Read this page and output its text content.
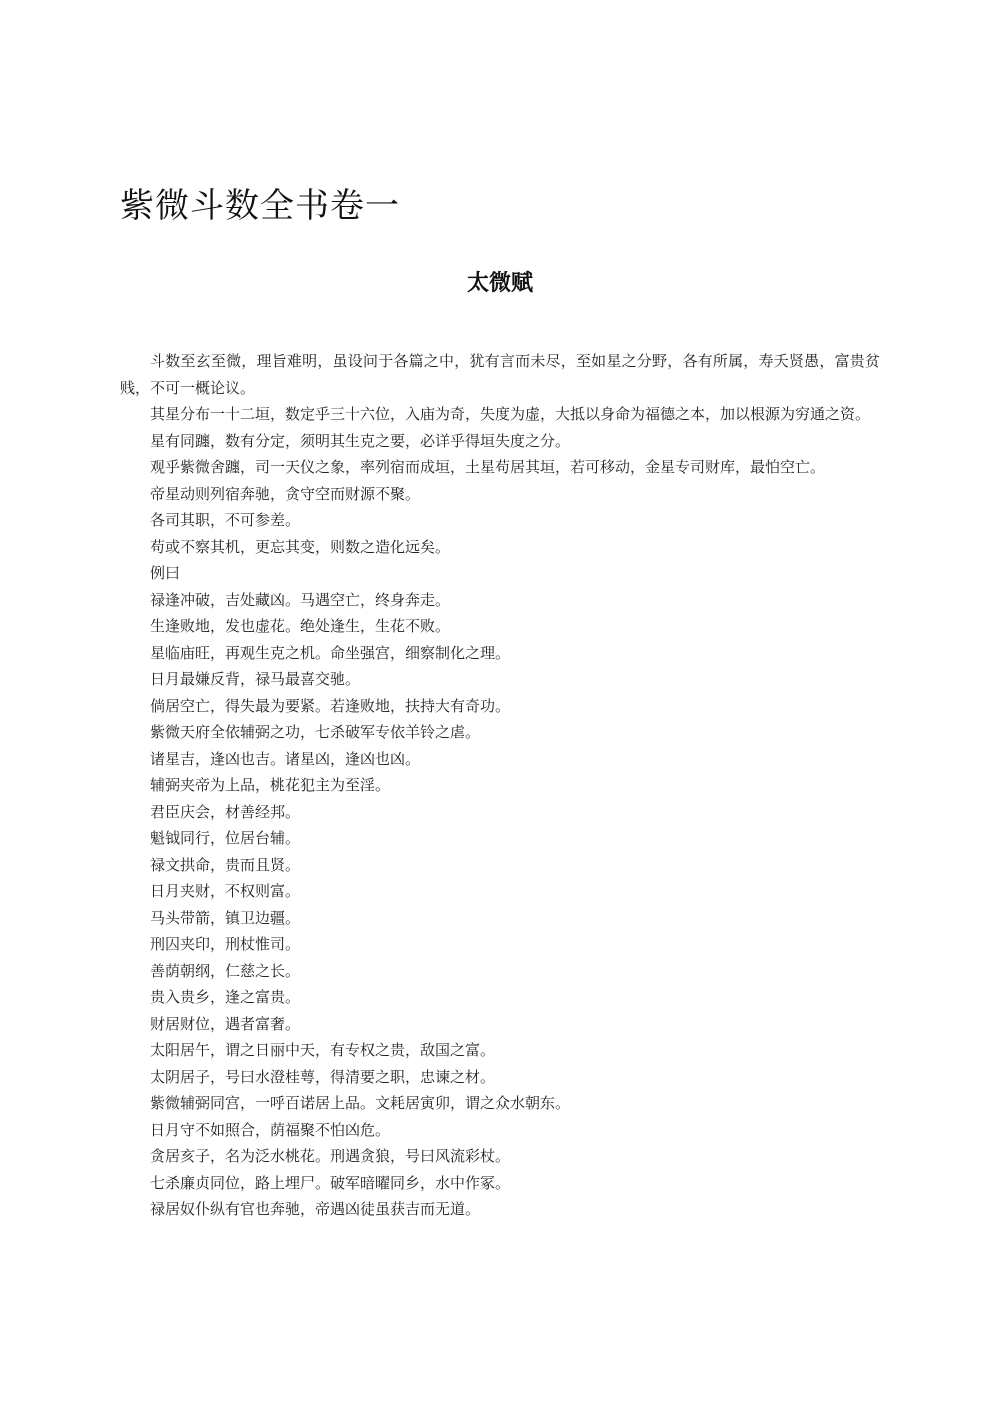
紫微斗数全书卷一
太微赋

斗数至玄至微，理旨难明，虽设问于各篇之中，犹有言而未尽，至如星之分野，各有所属，寿夭贤愚，富贵贫贱，不可一概论议。

其星分布一十二垣，数定乎三十六位，入庙为奇，失度为虚，大抵以身命为福德之本，加以根源为穷通之资。

星有同躔，数有分定，须明其生克之要，必详乎得垣失度之分。

观乎紫微舍躔，司一天仪之象，率列宿而成垣，土星苟居其垣，若可移动，金星专司财库，最怕空亡。

帝星动则列宿奔驰，贪守空而财源不聚。

各司其职，不可参差。

苟或不察其机，更忘其变，则数之造化远矣。

例曰

禄逢冲破，吉处藏凶。马遇空亡，终身奔走。

生逢败地，发也虚花。绝处逢生，生花不败。

星临庙旺，再观生克之机。命坐强宫，细察制化之理。

日月最嫌反背，禄马最喜交驰。

倘居空亡，得失最为要紧。若逢败地，扶持大有奇功。

紫微天府全依辅弼之功，七杀破军专依羊铃之虐。

诸星吉，逢凶也吉。诸星凶，逢凶也凶。

辅弼夹帝为上品，桃花犯主为至淫。

君臣庆会，材善经邦。

魁钺同行，位居台辅。

禄文拱命，贵而且贤。

日月夹财，不权则富。

马头带箭，镇卫边疆。

刑囚夹印，刑杖惟司。

善荫朝纲，仁慈之长。

贵入贵乡，逢之富贵。

财居财位，遇者富奢。

太阳居午，谓之日丽中天，有专权之贵，敌国之富。

太阴居子，号曰水澄桂萼，得清要之职，忠谏之材。

紫微辅弼同宫，一呼百诺居上品。文耗居寅卯，谓之众水朝东。

日月守不如照合，荫福聚不怕凶危。

贪居亥子，名为泛水桃花。刑遇贪狼，号曰风流彩杖。

七杀廉贞同位，路上埋尸。破军暗曜同乡，水中作冢。

禄居奴仆纵有官也奔驰，帝遇凶徒虽获吉而无道。
